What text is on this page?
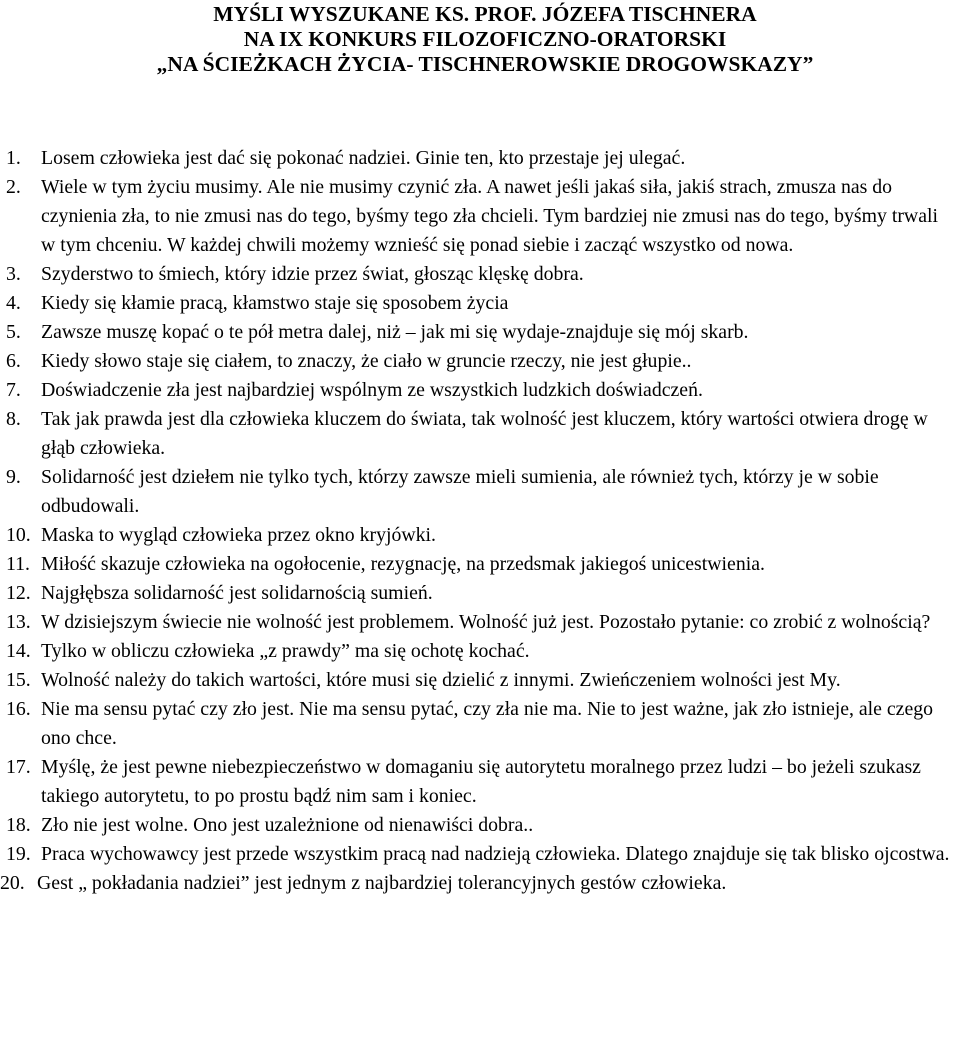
MYŚLI WYSZUKANE KS. PROF. JÓZEFA TISCHNERA
NA IX KONKURS FILOZOFICZNO-ORATORSKI
„NA ŚCIEŻKACH ŻYCIA- TISCHNEROWSKIE DROGOWSKAZY”
1. Losem człowieka jest dać się pokonać nadziei. Ginie ten, kto przestaje jej ulegać.
2. Wiele w tym życiu musimy. Ale nie musimy czynić zła. A nawet jeśli jakaś siła, jakiś strach, zmusza nas do czynienia zła, to nie zmusi nas do tego, byśmy tego zła chcieli. Tym bardziej nie zmusi nas do tego, byśmy trwali w tym chceniu. W każdej chwili możemy wznieść się ponad siebie i zacząć wszystko od nowa.
3. Szyderstwo to śmiech, który idzie przez świat, głosząc klęskę dobra.
4. Kiedy się kłamie pracą, kłamstwo staje się sposobem życia
5. Zawsze muszę kopać o te pół metra dalej, niż – jak mi się wydaje-znajduje się mój skarb.
6. Kiedy słowo staje się ciałem, to znaczy, że ciało w gruncie rzeczy, nie jest głupie..
7. Doświadczenie zła jest najbardziej wspólnym ze wszystkich ludzkich doświadczeń.
8. Tak jak prawda jest dla człowieka kluczem do świata, tak wolność jest kluczem, który wartości otwiera drogę w głąb człowieka.
9. Solidarność jest dziełem nie tylko tych, którzy zawsze mieli sumienia, ale również tych, którzy je w sobie odbudowali.
10. Maska to wygląd człowieka przez okno kryjówki.
11. Miłość skazuje człowieka na ogołocenie, rezygnację, na przedsmak jakiegoś unicestwienia.
12. Najgłębsza solidarność jest solidarnością sumień.
13. W dzisiejszym świecie nie wolność jest problemem. Wolność już jest. Pozostało pytanie: co zrobić z wolnością?
14. Tylko w obliczu człowieka „z prawdy” ma się ochotę kochać.
15. Wolność należy do takich wartości, które musi się dzielić z innymi. Zwieńczeniem wolności jest My.
16. Nie ma sensu pytać czy zło jest. Nie ma sensu pytać, czy zła nie ma. Nie to jest ważne, jak zło istnieje, ale czego ono chce.
17. Myślę, że jest pewne niebezpieczeństwo w domaganiu się autorytetu moralnego przez ludzi – bo jeżeli szukasz takiego autorytetu, to po prostu bądź nim sam i koniec.
18. Zło nie jest wolne. Ono jest uzależnione od nienawiści dobra..
19. Praca wychowawcy jest przede wszystkim pracą nad nadzieją człowieka. Dlatego znajduje się tak blisko ojcostwa.
20. Gest „ pokładania nadziei” jest jednym z najbardziej tolerancyjnych gestów człowieka.
